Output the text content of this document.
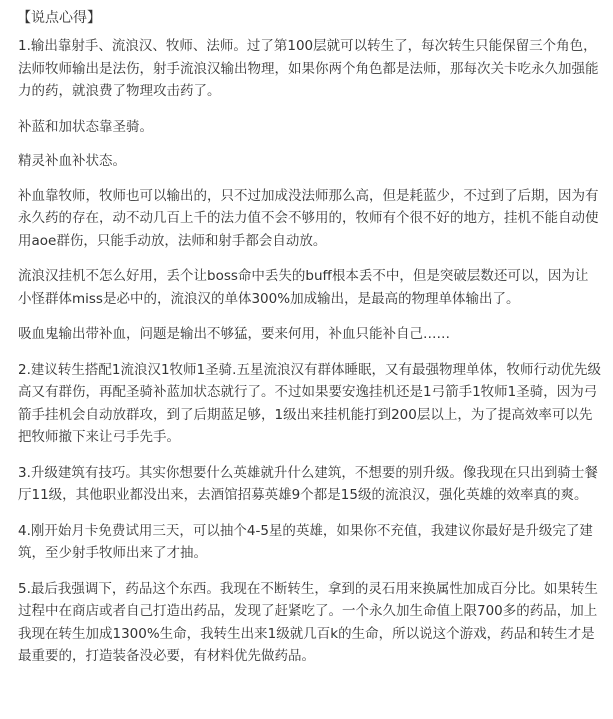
【说点心得】

1.输出靠射手、流浪汉、牧师、法师。过了第100层就可以转生了，每次转生只能保留三个角色，法师牧师输出是法伤，射手流浪汉输出物理，如果你两个角色都是法师，那每次关卡吃永久加强能力的药，就浪费了物理攻击药了。

补蓝和加状态靠圣骑。

精灵补血补状态。

补血靠牧师，牧师也可以输出的，只不过加成没法师那么高，但是耗蓝少，不过到了后期，因为有永久药的存在，动不动几百上千的法力值不会不够用的，牧师有个很不好的地方，挂机不能自动使用aoe群伤，只能手动放，法师和射手都会自动放。

流浪汉挂机不怎么好用，丢个让boss命中丢失的buff根本丢不中，但是突破层数还可以，因为让小怪群体miss是必中的，流浪汉的单体300%加成输出，是最高的物理单体输出了。

吸血鬼输出带补血，问题是输出不够猛，要来何用，补血只能补自己……

2.建议转生搭配1流浪汉1牧师1圣骑.五星流浪汉有群体睡眠，又有最强物理单体，牧师行动优先级高又有群伤，再配圣骑补蓝加状态就行了。不过如果要安逸挂机还是1弓箭手1牧师1圣骑，因为弓箭手挂机会自动放群攻，到了后期蓝足够，1级出来挂机能打到200层以上，为了提高效率可以先把牧师撤下来让弓手先手。

3.升级建筑有技巧。其实你想要什么英雄就升什么建筑，不想要的别升级。像我现在只出到骑士餐厅11级，其他职业都没出来，去酒馆招募英雄9个都是15级的流浪汉，强化英雄的效率真的爽。

4.刚开始月卡免费试用三天，可以抽个4-5星的英雄，如果你不充值，我建议你最好是升级完了建筑，至少射手牧师出来了才抽。

5.最后我强调下，药品这个东西。我现在不断转生，拿到的灵石用来换属性加成百分比。如果转生过程中在商店或者自己打造出药品，发现了赶紧吃了。一个永久加生命值上限700多的药品，加上我现在转生加成1300%生命，我转生出来1级就几百k的生命，所以说这个游戏，药品和转生才是最重要的，打造装备没必要，有材料优先做药品。
